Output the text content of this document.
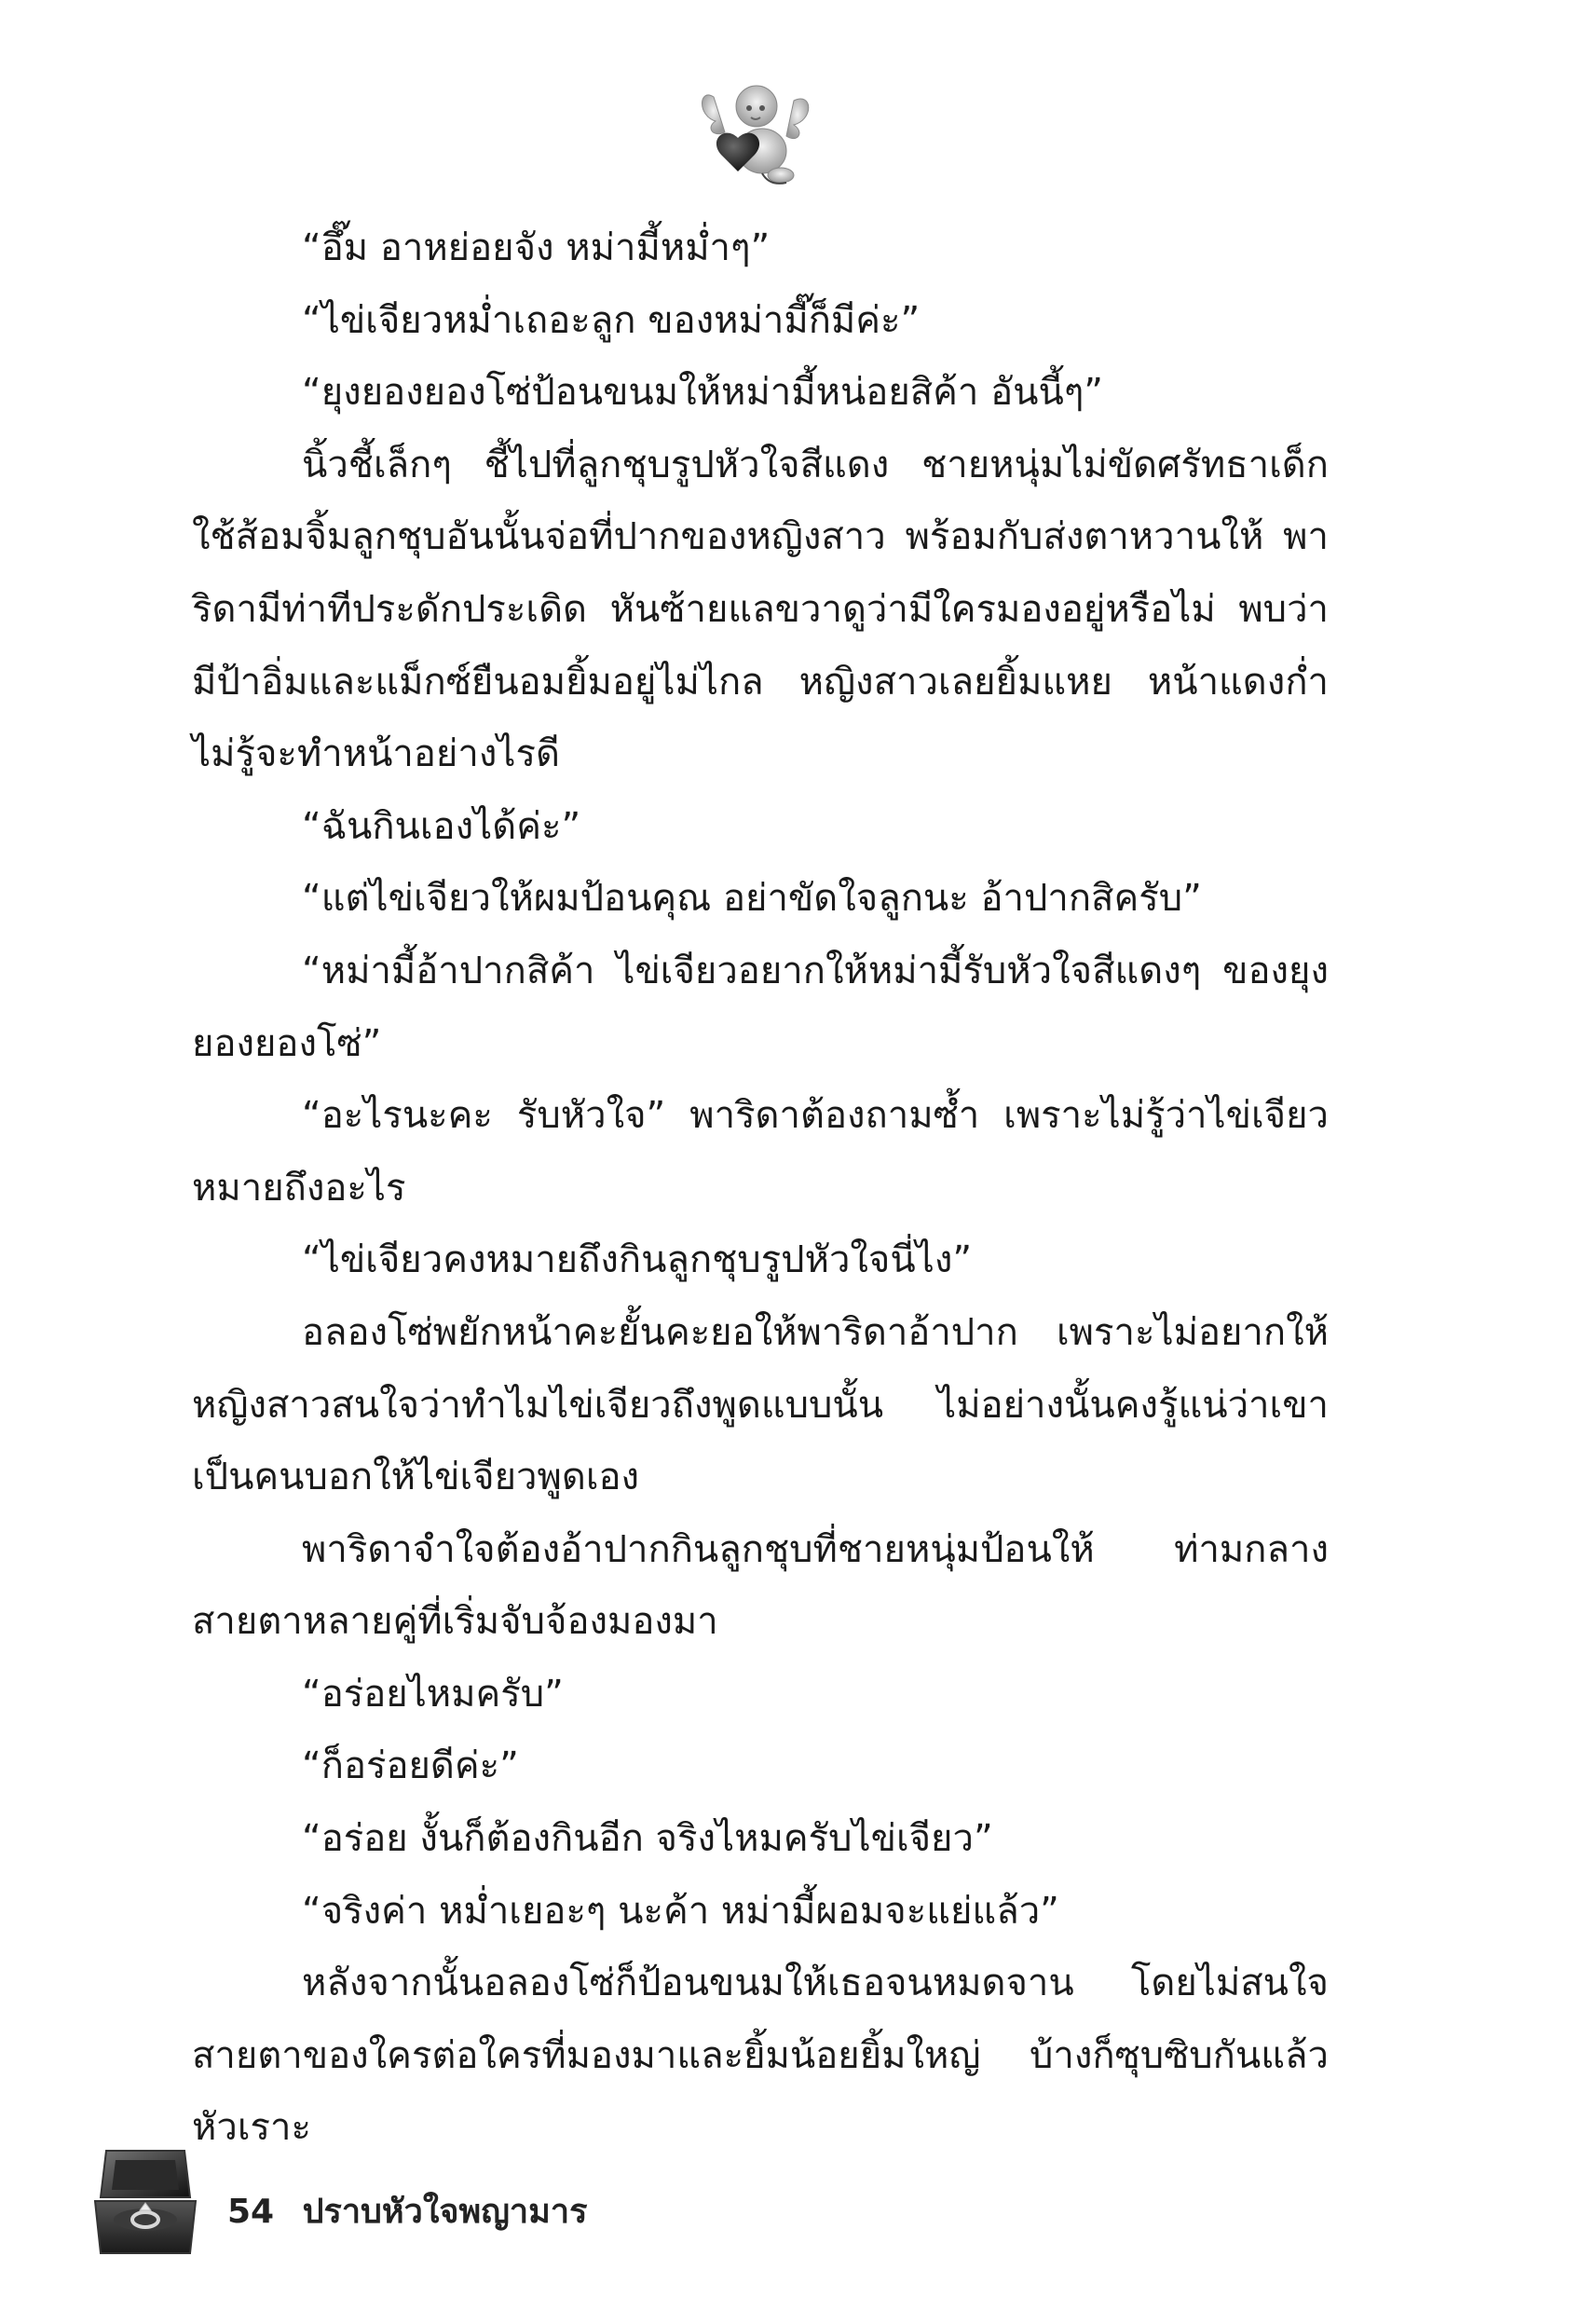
“อึ๊ม อาหย่อยจัง หม่ามี้หม่ำๆ”

“ไข่เจียวหม่ำเถอะลูก ของหม่ามี๊ก็มีค่ะ”

“ยุงยองยองโซ่ป้อนขนมให้หม่ามี้หน่อยสิค้า อันนี้ๆ”

นิ้วชี้เล็กๆ ชี้ไปที่ลูกชุบรูปหัวใจสีแดง ชายหนุ่มไม่ขัดศรัทธาเด็ก ใช้ส้อมจิ้มลูกชุบอันนั้นจ่อที่ปากของหญิงสาว พร้อมกับส่งตาหวานให้ พาริดามีท่าทีประดักประเดิด หันซ้ายแลขวาดูว่ามีใครมองอยู่หรือไม่ พบว่ามีป้าอิ่มและแม็กซ์ยืนอมยิ้มอยู่ไม่ไกล หญิงสาวเลยยิ้มแหย หน้าแดงก่ำ ไม่รู้จะทำหน้าอย่างไรดี

“ฉันกินเองได้ค่ะ”

“แต่ไข่เจียวให้ผมป้อนคุณ อย่าขัดใจลูกนะ อ้าปากสิครับ”

“หม่ามี้อ้าปากสิค้า ไข่เจียวอยากให้หม่ามี้รับหัวใจสีแดงๆ ของยุงยองยองโซ่”

“อะไรนะคะ รับหัวใจ” พาริดาต้องถามซ้ำ เพราะไม่รู้ว่าไข่เจียวหมายถึงอะไร

“ไข่เจียวคงหมายถึงกินลูกชุบรูปหัวใจนี่ไง”

อลองโซ่พยักหน้าคะยั้นคะยอให้พาริดาอ้าปาก เพราะไม่อยากให้หญิงสาวสนใจว่าทำไมไข่เจียวถึงพูดแบบนั้น ไม่อย่างนั้นคงรู้แน่ว่าเขาเป็นคนบอกให้ไข่เจียวพูดเอง

พาริดาจำใจต้องอ้าปากกินลูกชุบที่ชายหนุ่มป้อนให้ ท่ามกลางสายตาหลายคู่ที่เริ่มจับจ้องมองมา

“อร่อยไหมครับ”

“ก็อร่อยดีค่ะ”

“อร่อย งั้นก็ต้องกินอีก จริงไหมครับไข่เจียว”

“จริงค่า หม่ำเยอะๆ นะค้า หม่ามี้ผอมจะแย่แล้ว”

หลังจากนั้นอลองโซ่ก็ป้อนขนมให้เธอจนหมดจาน โดยไม่สนใจสายตาของใครต่อใครที่มองมาและยิ้มน้อยยิ้มใหญ่ บ้างก็ซุบซิบกันแล้วหัวเราะ

54 ปราบหัวใจพญามาร
